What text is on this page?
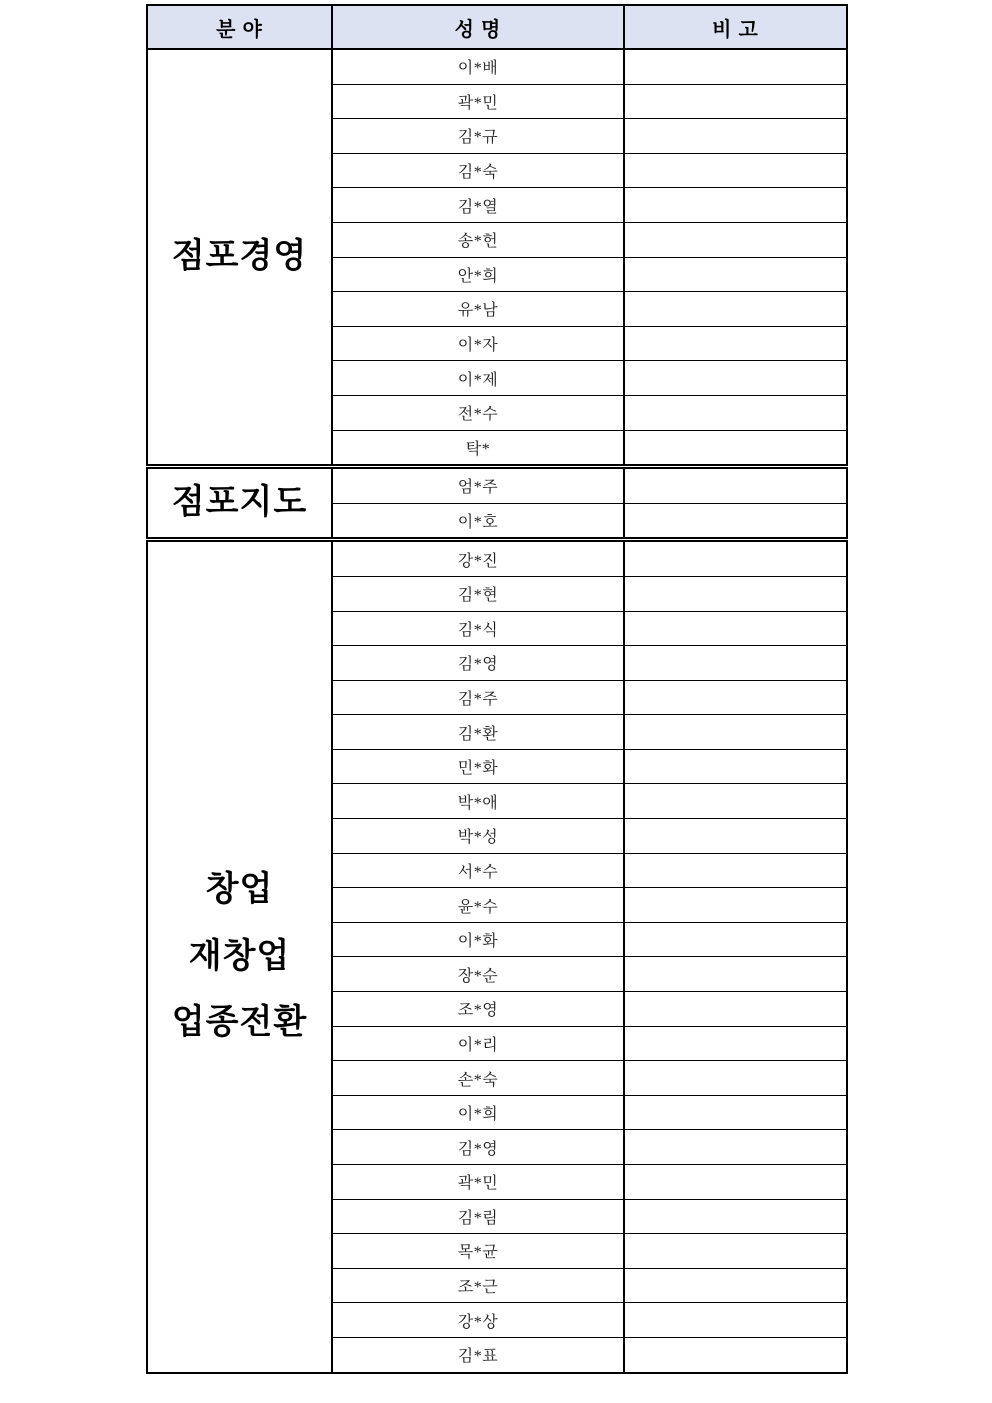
분 야	성 명	비 고

점포경영	이*배	
	곽*민	
	김*규	
	김*숙	
	김*열	
	송*헌	
	안*희	
	유*남	
	이*자	
	이*제	
	전*수	
	탁*	

점포지도	엄*주	
	이*호	

창업
재창업
업종전환	강*진	
	김*현	
	김*식	
	김*영	
	김*주	
	김*환	
	민*화	
	박*애	
	박*성	
	서*수	
	윤*수	
	이*화	
	장*순	
	조*영	
	이*리	
	손*숙	
	이*희	
	김*영	
	곽*민	
	김*림	
	목*균	
	조*근	
	강*상	
	김*표	
